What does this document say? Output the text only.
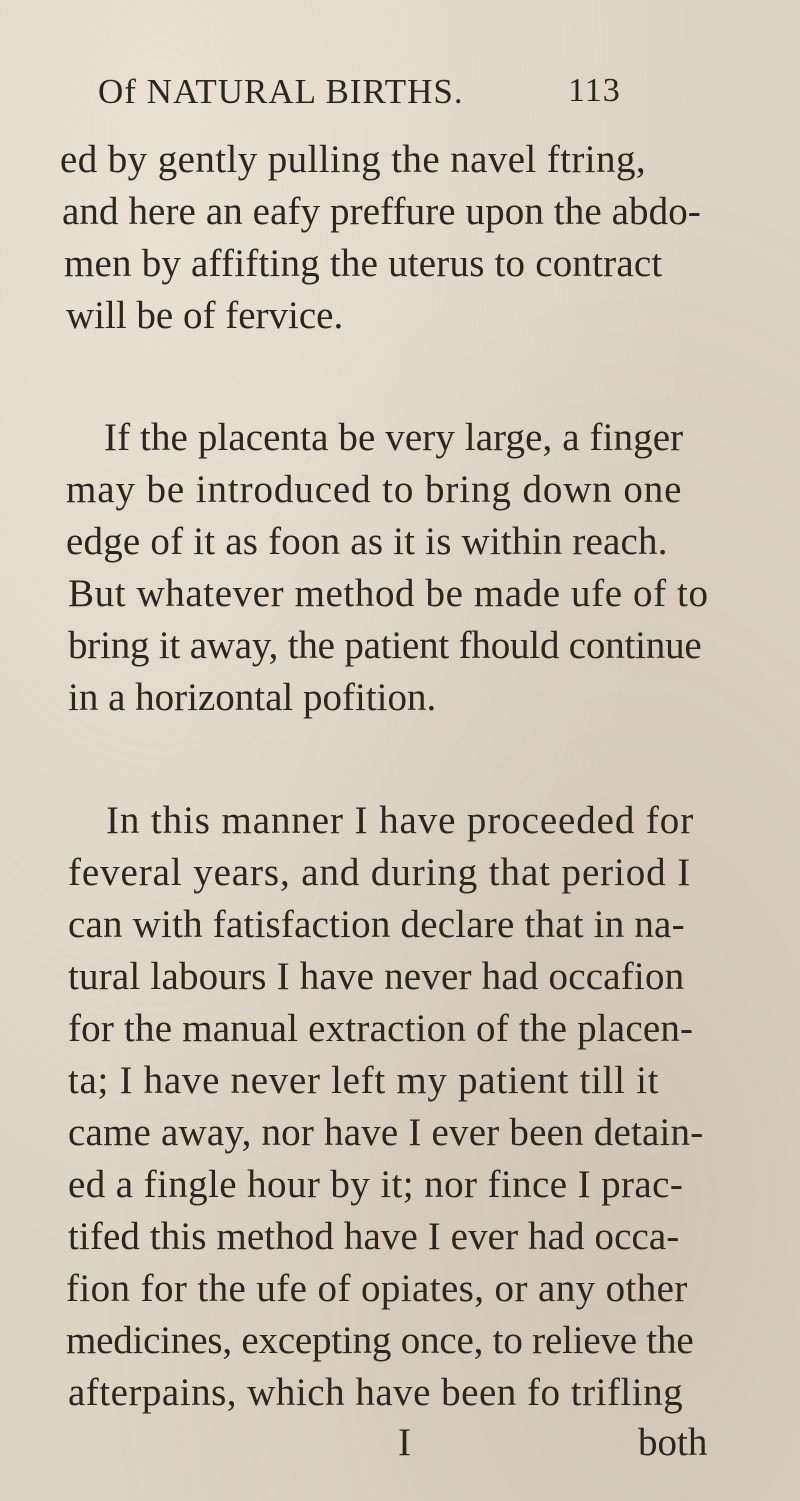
Of NATURAL BIRTHS.	113
ed by gently pulling the navel ftring,
and here an eafy preffure upon the abdo-
men by affifting the uterus to contract
will be of fervice.
If the placenta be very large, a finger
may be introduced to bring down one
edge of it as foon as it is within reach.
But whatever method be made ufe of to
bring it away, the patient fhould continue
in a horizontal pofition.
In this manner I have proceeded for
feveral years, and during that period I
can with fatisfaction declare that in na-
tural labours I have never had occafion
for the manual extraction of the placen-
ta; I have never left my patient till it
came away, nor have I ever been detain-
ed a fingle hour by it; nor fince I prac-
tifed this method have I ever had occa-
fion for the ufe of opiates, or any other
medicines, excepting once, to relieve the
afterpains, which have been fo trifling
I	both
